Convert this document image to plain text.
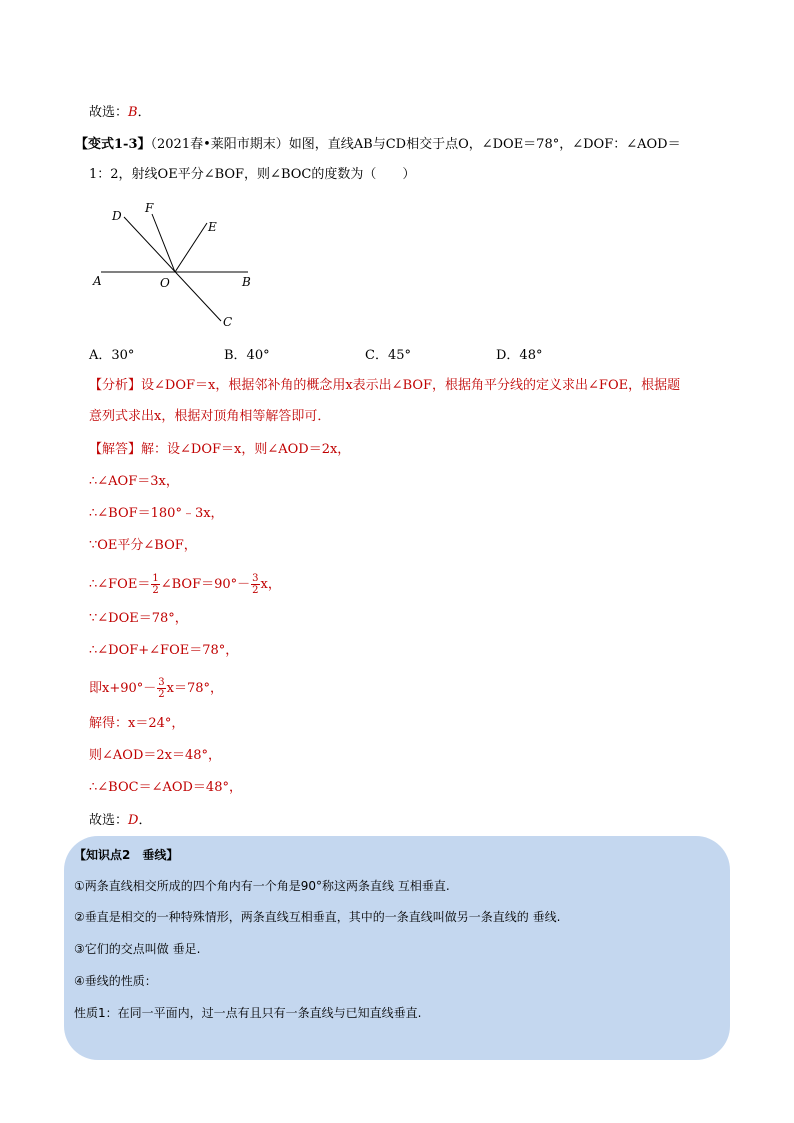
故选：B．
【变式1-3】（2021春•莱阳市期末）如图，直线AB与CD相交于点O，∠DOE＝78°，∠DOF：∠AOD＝
1：2，射线OE平分∠BOF，则∠BOC的度数为（　　）
D
F
E
A	O	B
C
A．30°	B．40°	C．45°	D．48°
【分析】设∠DOF＝x，根据邻补角的概念用x表示出∠BOF，根据角平分线的定义求出∠FOE，根据题
意列式求出x，根据对顶角相等解答即可．
【解答】解：设∠DOF＝x，则∠AOD＝2x，
∴∠AOF＝3x，
∴∠BOF＝180°﹣3x，
∵OE平分∠BOF，
∴∠FOE＝ $\frac{1}{2}$ ∠BOF＝90°－ $\frac{3}{2}$ x，
∵∠DOE＝78°，
∴∠DOF+∠FOE＝78°，
即$x+90^\circ- \frac{3}{2} x=78^\circ$，
解得：x＝24°，
则∠AOD＝2x＝48°，
∴∠BOC＝∠AOD＝48°，
故选：D．
【知识点2　垂线】
①两条直线相交所成的四个角内有一个角是90°称这两条直线 互相垂直.
②垂直是相交的一种特殊情形，两条直线互相垂直，其中的一条直线叫做另一条直线的 垂线.
③它们的交点叫做 垂足.
④垂线的性质：
性质1：在同一平面内，过一点有且只有一条直线与已知直线垂直.
